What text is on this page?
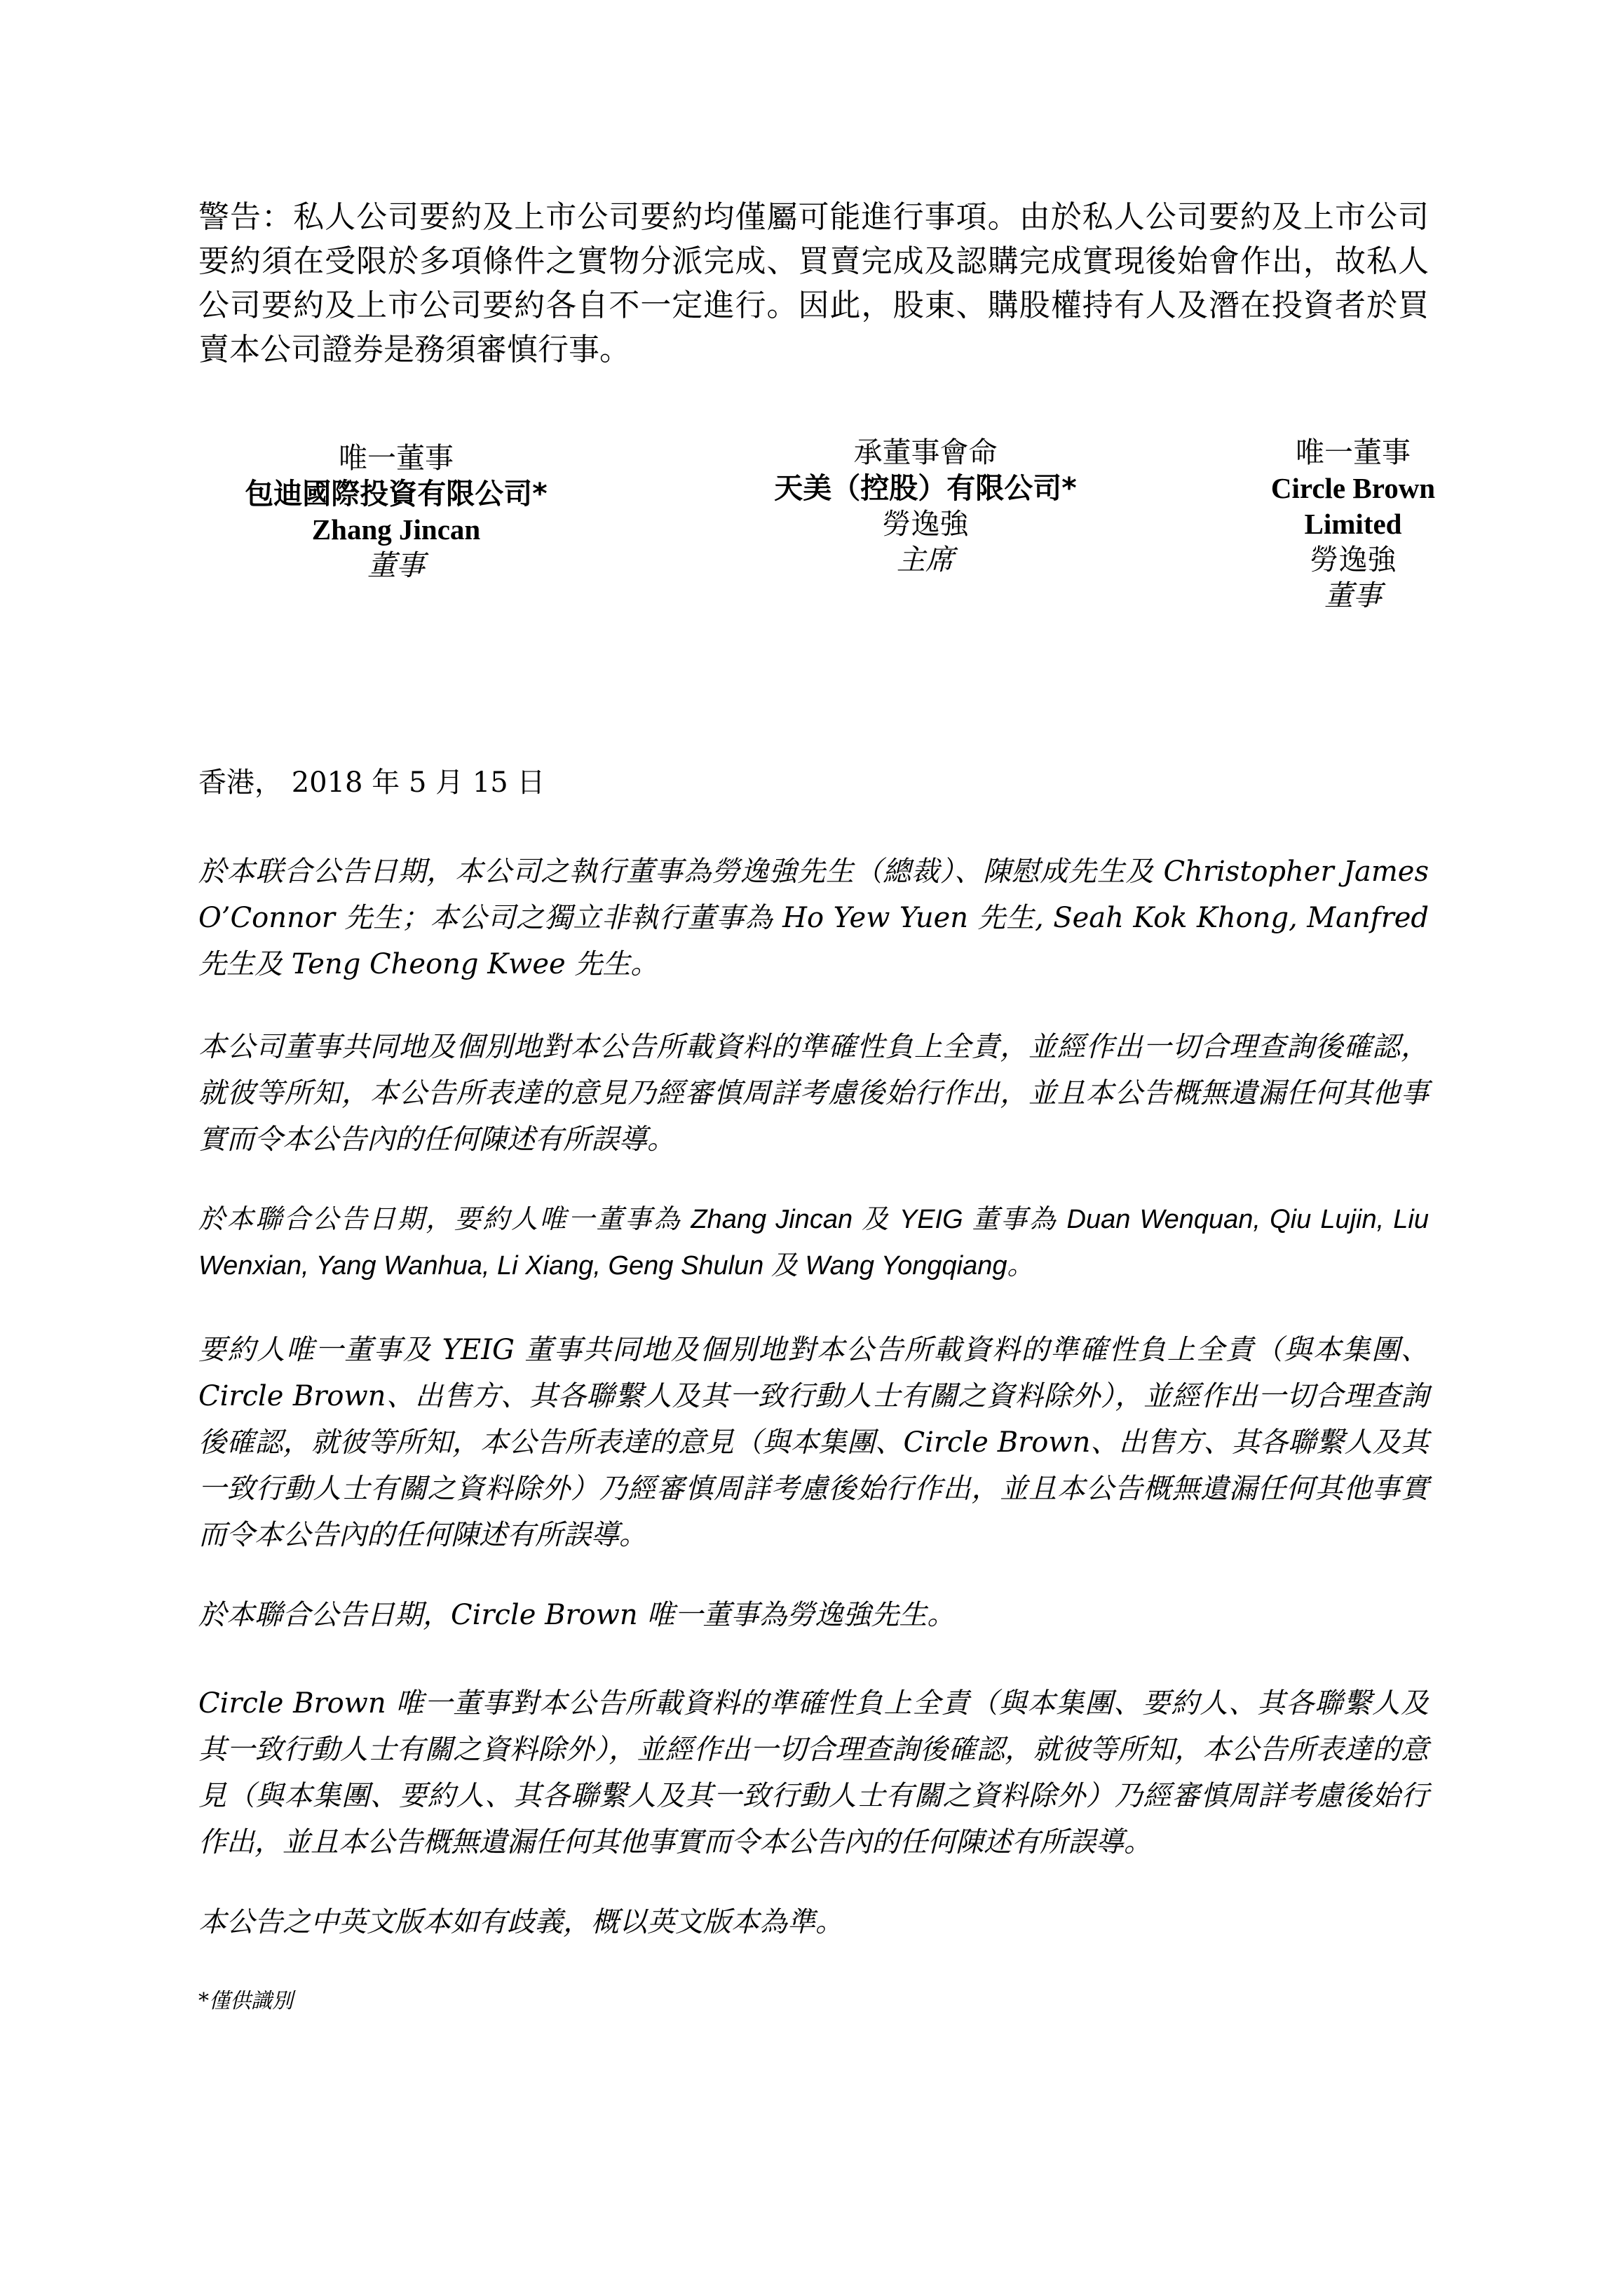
警告：私人公司要約及上市公司要約均僅屬可能進行事項。由於私人公司要約及上市公司要約須在受限於多項條件之實物分派完成、買賣完成及認購完成實現後始會作出，故私人公司要約及上市公司要約各自不一定進行。因此，股東、購股權持有人及潛在投資者於買賣本公司證券是務須審慎行事。
唯一董事
包迪國際投資有限公司*
Zhang Jincan
董事
承董事會命
天美（控股）有限公司*
勞逸強
主席
唯一董事
Circle Brown
Limited
勞逸強
董事
香港， 2018 年 5 月 15 日
於本联合公告日期，本公司之執行董事為勞逸強先生（總裁）、陳慰成先生及 Christopher James O’Connor 先生；本公司之獨立非執行董事為 Ho Yew Yuen 先生, Seah Kok Khong, Manfred 先生及 Teng Cheong Kwee 先生。
本公司董事共同地及個別地對本公告所載資料的準確性負上全責，並經作出一切合理查詢後確認，就彼等所知，本公告所表達的意見乃經審慎周詳考慮後始行作出，並且本公告概無遺漏任何其他事實而令本公告內的任何陳述有所誤導。
於本聯合公告日期，要約人唯一董事為 Zhang Jincan 及 YEIG 董事為 Duan Wenquan, Qiu Lujin, Liu Wenxian, Yang Wanhua, Li Xiang, Geng Shulun 及 Wang Yongqiang。
要約人唯一董事及 YEIG 董事共同地及個別地對本公告所載資料的準確性負上全責（與本集團、Circle Brown、出售方、其各聯繫人及其一致行動人士有關之資料除外），並經作出一切合理查詢後確認，就彼等所知，本公告所表達的意見（與本集團、Circle Brown、出售方、其各聯繫人及其一致行動人士有關之資料除外）乃經審慎周詳考慮後始行作出，並且本公告概無遺漏任何其他事實而令本公告內的任何陳述有所誤導。
於本聯合公告日期，Circle Brown 唯一董事為勞逸強先生。
Circle Brown 唯一董事對本公告所載資料的準確性負上全責（與本集團、要約人、其各聯繫人及其一致行動人士有關之資料除外），並經作出一切合理查詢後確認，就彼等所知，本公告所表達的意見（與本集團、要約人、其各聯繫人及其一致行動人士有關之資料除外）乃經審慎周詳考慮後始行作出，並且本公告概無遺漏任何其他事實而令本公告內的任何陳述有所誤導。
本公告之中英文版本如有歧義，概以英文版本為準。
*僅供識別
